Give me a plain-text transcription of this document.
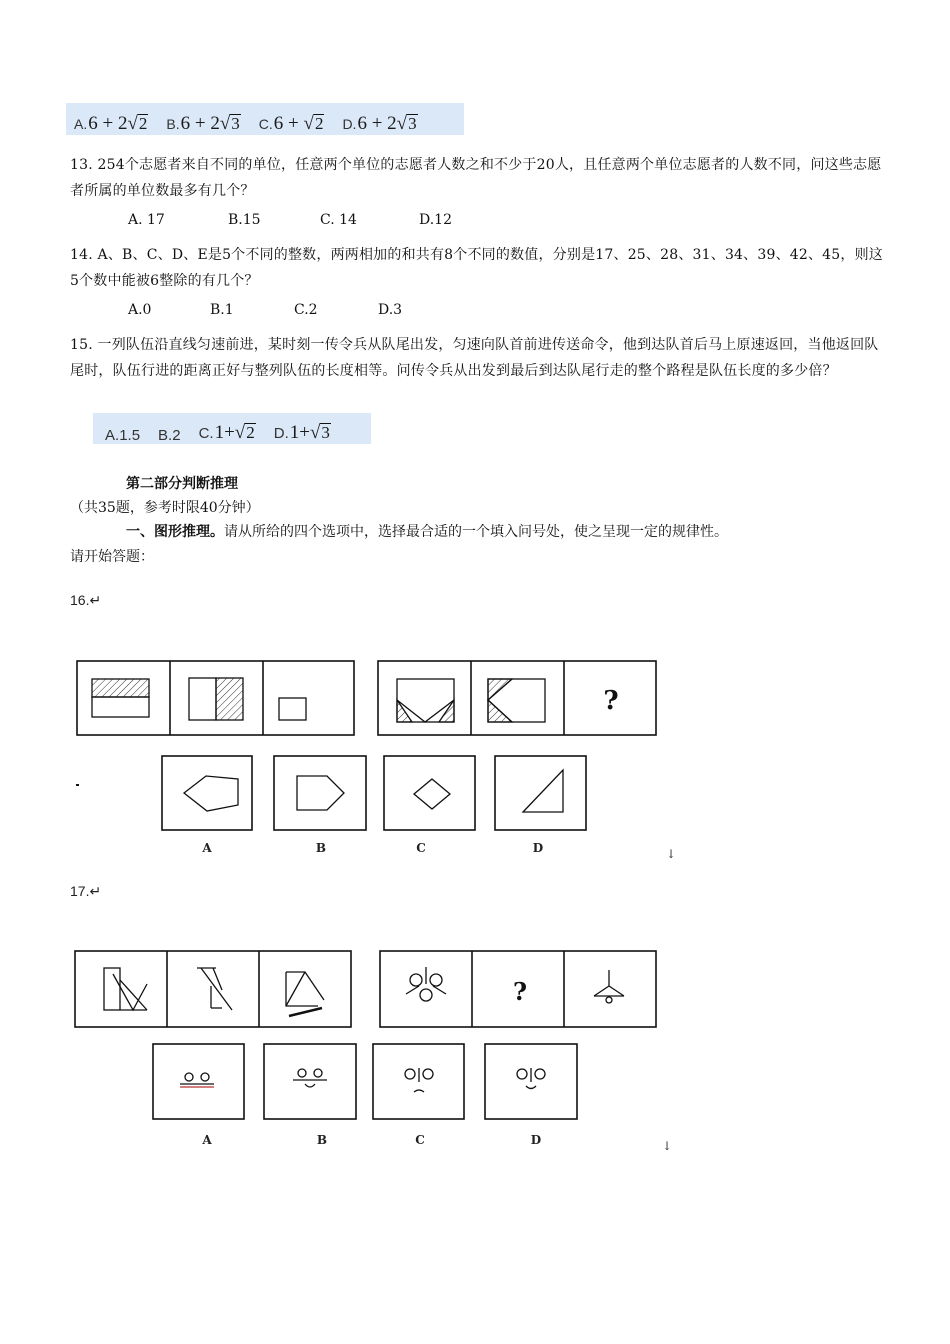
A. 6 + 2 √ 2 B. 6 + 2 √ 3 C. 6 + √ 2 D. 6 + 2 √ 3
13. 254个志愿者来自不同的单位，任意两个单位的志愿者人数之和不少于20人，且任意两个单位志愿者的人数不同，问这些志愿者所属的单位数最多有几个？
A. 17	B.15	C. 14	D.12
14. A、B、C、D、E是5个不同的整数，两两相加的和共有8个不同的数值，分别是17、25、28、31、34、39、42、45，则这5个数中能被6整除的有几个？
A.0	B.1	C.2	D.3
15. 一列队伍沿直线匀速前进，某时刻一传令兵从队尾出发，匀速向队首前进传送命令，他到达队首后马上原速返回，当他返回队尾时，队伍行进的距离正好与整列队伍的长度相等。问传令兵从出发到最后到达队尾行走的整个路程是队伍长度的多少倍？
A. 1.5 B. 2 C. 1+ √ 2 D. 1+ √ 3
第二部分判断推理
（共35题，参考时限40分钟）
一、图形推理。请从所给的四个选项中，选择最合适的一个填入问号处，使之呈现一定的规律性。
请开始答题：
16.↵
?
A	B	C	D	↓
17.↵
?
A	B	C	D	↓
